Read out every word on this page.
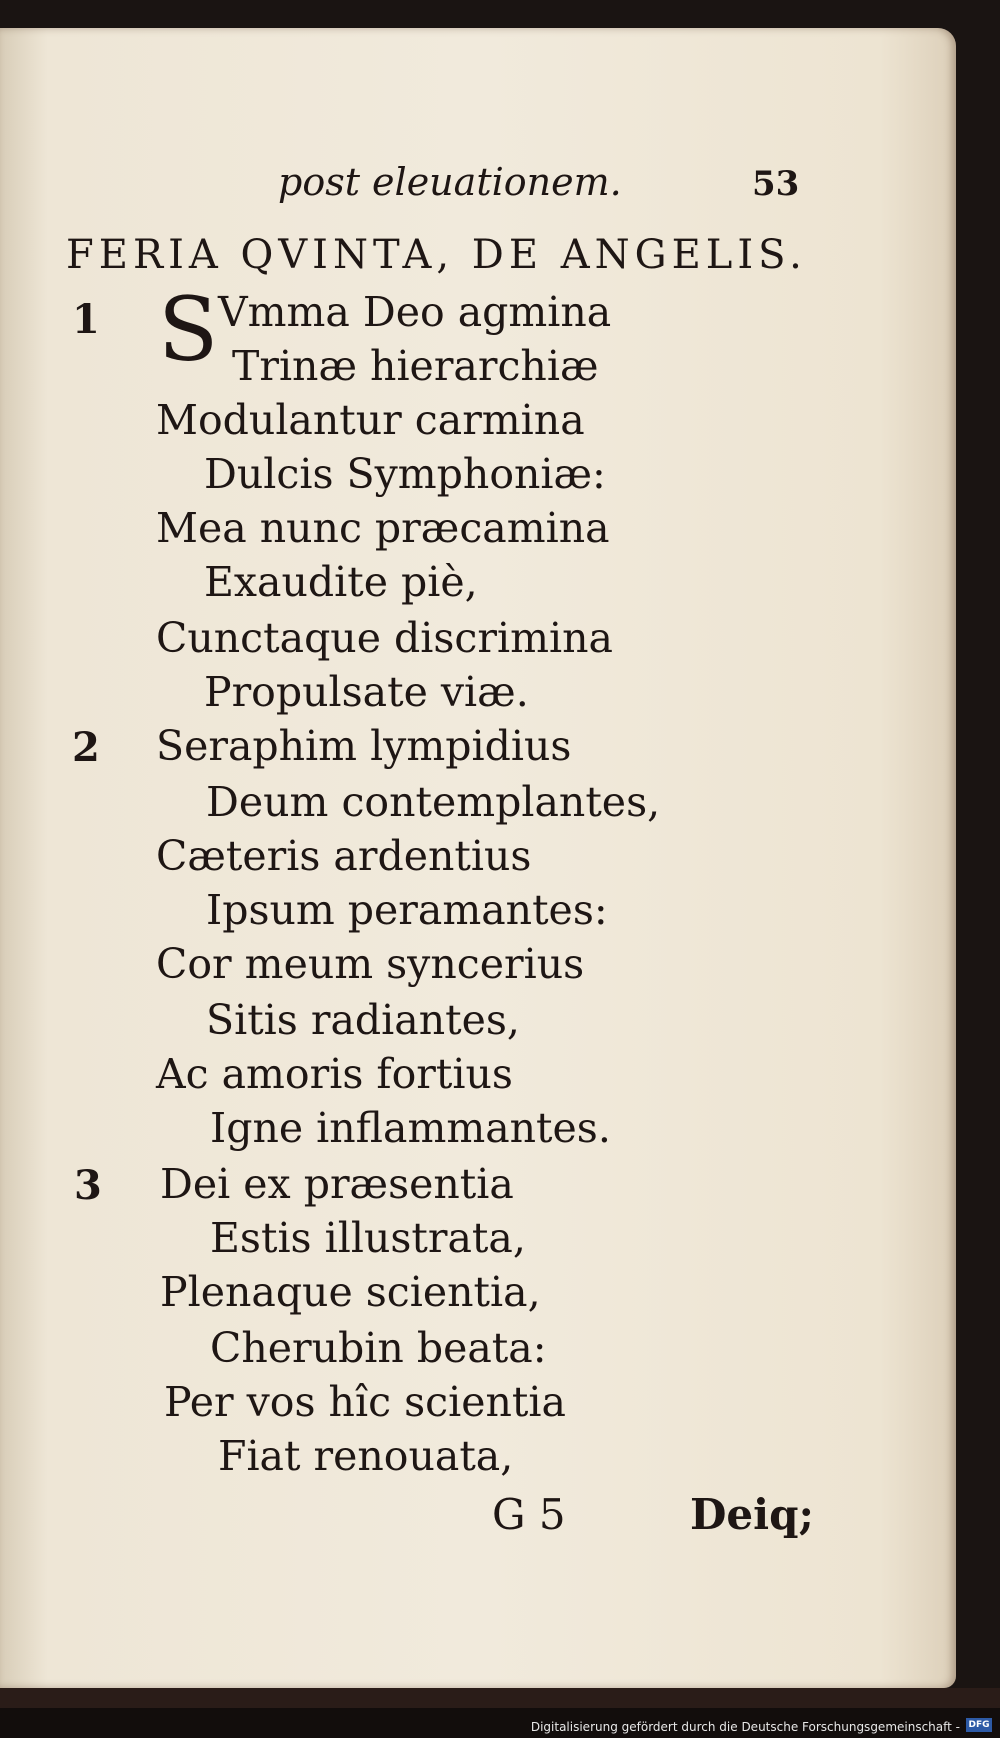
post eleuationem.	53
FERIA QVINTA, DE ANGELIS.
1 S Vmma Deo agmina
Trinæ hierarchiæ
Modulantur carmina
Dulcis Symphoniæ:
Mea nunc præcamina
Exaudite piè,
Cunctaque discrimina
Propulsate viæ.
2 Seraphim lympidius
Deum contemplantes,
Cæteris ardentius
Ipsum peramantes:
Cor meum syncerius
Sitis radiantes,
Ac amoris fortius
Igne inflammantes.
3 Dei ex præsentia
Estis illustrata,
Plenaque scientia,
Cherubin beata:
Per vos hîc scientia
Fiat renouata,
G 5	Deiq;
Digitalisierung gefördert durch die Deutsche Forschungsgemeinschaft - DFG
